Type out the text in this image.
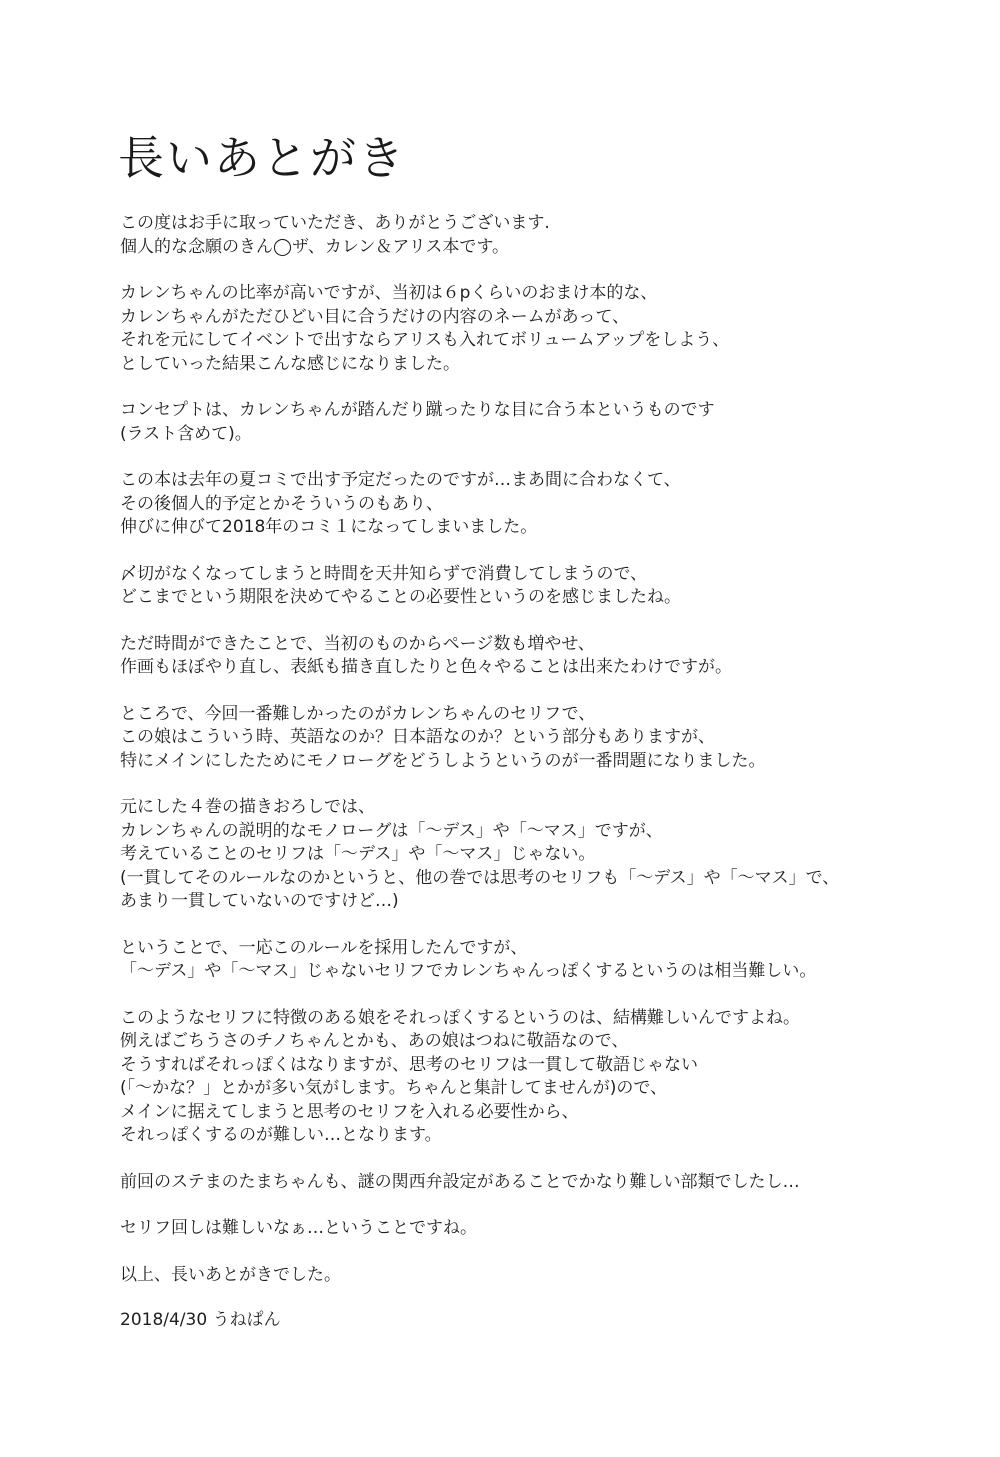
長いあとがき
この度はお手に取っていただき、ありがとうございます.
個人的な念願のきん◯ザ、カレン＆アリス本です。
カレンちゃんの比率が高いですが、当初は６pくらいのおまけ本的な、
カレンちゃんがただひどい目に合うだけの内容のネームがあって、
それを元にしてイベントで出すならアリスも入れてボリュームアップをしよう、
としていった結果こんな感じになりました。
コンセプトは、カレンちゃんが踏んだり蹴ったりな目に合う本というものです
(ラスト含めて)。
この本は去年の夏コミで出す予定だったのですが…まあ間に合わなくて、
その後個人的予定とかそういうのもあり、
伸びに伸びて2018年のコミ１になってしまいました。
〆切がなくなってしまうと時間を天井知らずで消費してしまうので、
どこまでという期限を決めてやることの必要性というのを感じましたね。
ただ時間ができたことで、当初のものからページ数も増やせ、
作画もほぼやり直し、表紙も描き直したりと色々やることは出来たわけですが。
ところで、今回一番難しかったのがカレンちゃんのセリフで、
この娘はこういう時、英語なのか？日本語なのか？という部分もありますが、
特にメインにしたためにモノローグをどうしようというのが一番問題になりました。
元にした４巻の描きおろしでは、
カレンちゃんの説明的なモノローグは「〜デス」や「〜マス」ですが、
考えていることのセリフは「〜デス」や「〜マス」じゃない。
(一貫してそのルールなのかというと、他の巻では思考のセリフも「〜デス」や「〜マス」で、
あまり一貫していないのですけど…)
ということで、一応このルールを採用したんですが、
「〜デス」や「〜マス」じゃないセリフでカレンちゃんっぽくするというのは相当難しい。
このようなセリフに特徴のある娘をそれっぽくするというのは、結構難しいんですよね。
例えばごちうさのチノちゃんとかも、あの娘はつねに敬語なので、
そうすればそれっぽくはなりますが、思考のセリフは一貫して敬語じゃない
(「〜かな？」とかが多い気がします。ちゃんと集計してませんが)ので、
メインに据えてしまうと思考のセリフを入れる必要性から、
それっぽくするのが難しい…となります。
前回のステまのたまちゃんも、謎の関西弁設定があることでかなり難しい部類でしたし…
セリフ回しは難しいなぁ…ということですね。
以上、長いあとがきでした。
2018/4/30 うねぱん
